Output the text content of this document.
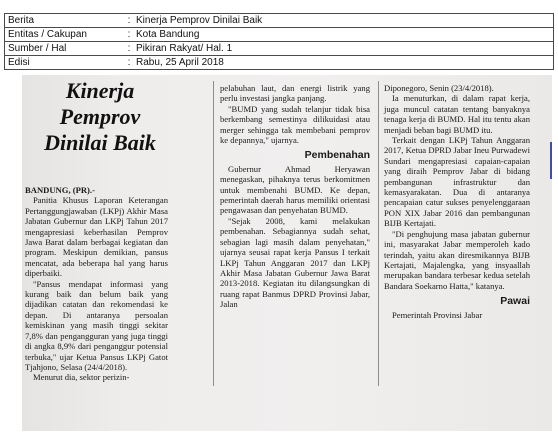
Berita	:	Kinerja Pemprov Dinilai Baik
Entitas / Cakupan	:	Kota Bandung
Sumber / Hal	:	Pikiran Rakyat/ Hal. 1
Edisi	:	Rabu, 25 April 2018
Kinerja Pemprov Dinilai Baik

BANDUNG, (PR).-

Panitia Khusus Laporan Keterangan Pertanggungjawaban (LKPj) Akhir Masa Jabatan Gubernur dan LKPj Tahun 2017 mengapresiasi keberhasilan Pemprov Jawa Barat dalam berbagai kegiatan dan program. Meskipun demikian, pansus mencatat, ada beberapa hal yang harus diperbaiki.

"Pansus mendapat informasi yang kurang baik dan belum baik yang dijadikan catatan dan rekomendasi ke depan. Di antaranya persoalan kemiskinan yang masih tinggi sekitar 7,8% dan pengangguran yang juga tinggi di angka 8,9% dari penganggur potensial terbuka," ujar Ketua Pansus LKPj Gatot Tjahjono, Selasa (24/4/2018).

Menurut dia, sektor perizin-

pelabuhan laut, dan energi listrik yang perlu investasi jangka panjang.

"BUMD yang sudah telanjur tidak bisa berkembang semestinya dilikuidasi atau merger sehingga tak membebani pemprov ke depannya," ujarnya.

Pembenahan

Gubernur Ahmad Heryawan menegaskan, pihaknya terus berkomitmen untuk membenahi BUMD. Ke depan, pemerintah daerah harus memiliki orientasi pengawasan dan penyehatan BUMD.

"Sejak 2008, kami melakukan pembenahan. Sebagiannya sudah sehat, sebagian lagi masih dalam penyehatan," ujarnya seusai rapat kerja Pansus I terkait LKPj Tahun Anggaran 2017 dan LKPj Akhir Masa Jabatan Gubernur Jawa Barat 2013-2018. Kegiatan itu dilangsungkan di ruang rapat Banmus DPRD Provinsi Jabar, Jalan

Diponegoro, Senin (23/4/2018).

Ia menuturkan, di dalam rapat kerja, juga muncul catatan tentang banyaknya tenaga kerja di BUMD. Hal itu tentu akan menjadi beban bagi BUMD itu.

Terkait dengan LKPj Tahun Anggaran 2017, Ketua DPRD Jabar Ineu Purwadewi Sundari mengapresiasi capaian-capaian yang diraih Pemprov Jabar di bidang pembangunan infrastruktur dan kemasyarakatan. Dua di antaranya pencapaian catur sukses penyelenggaraan PON XIX Jabar 2016 dan pembangunan BIJB Kertajati.

"Di penghujung masa jabatan gubernur ini, masyarakat Jabar memperoleh kado terindah, yaitu akan diresmikannya BIJB Kertajati, Majalengka, yang insyaallah merupakan bandara terbesar kedua setelah Bandara Soekarno Hatta," katanya.

Pawai

Pemerintah Provinsi Jabar
